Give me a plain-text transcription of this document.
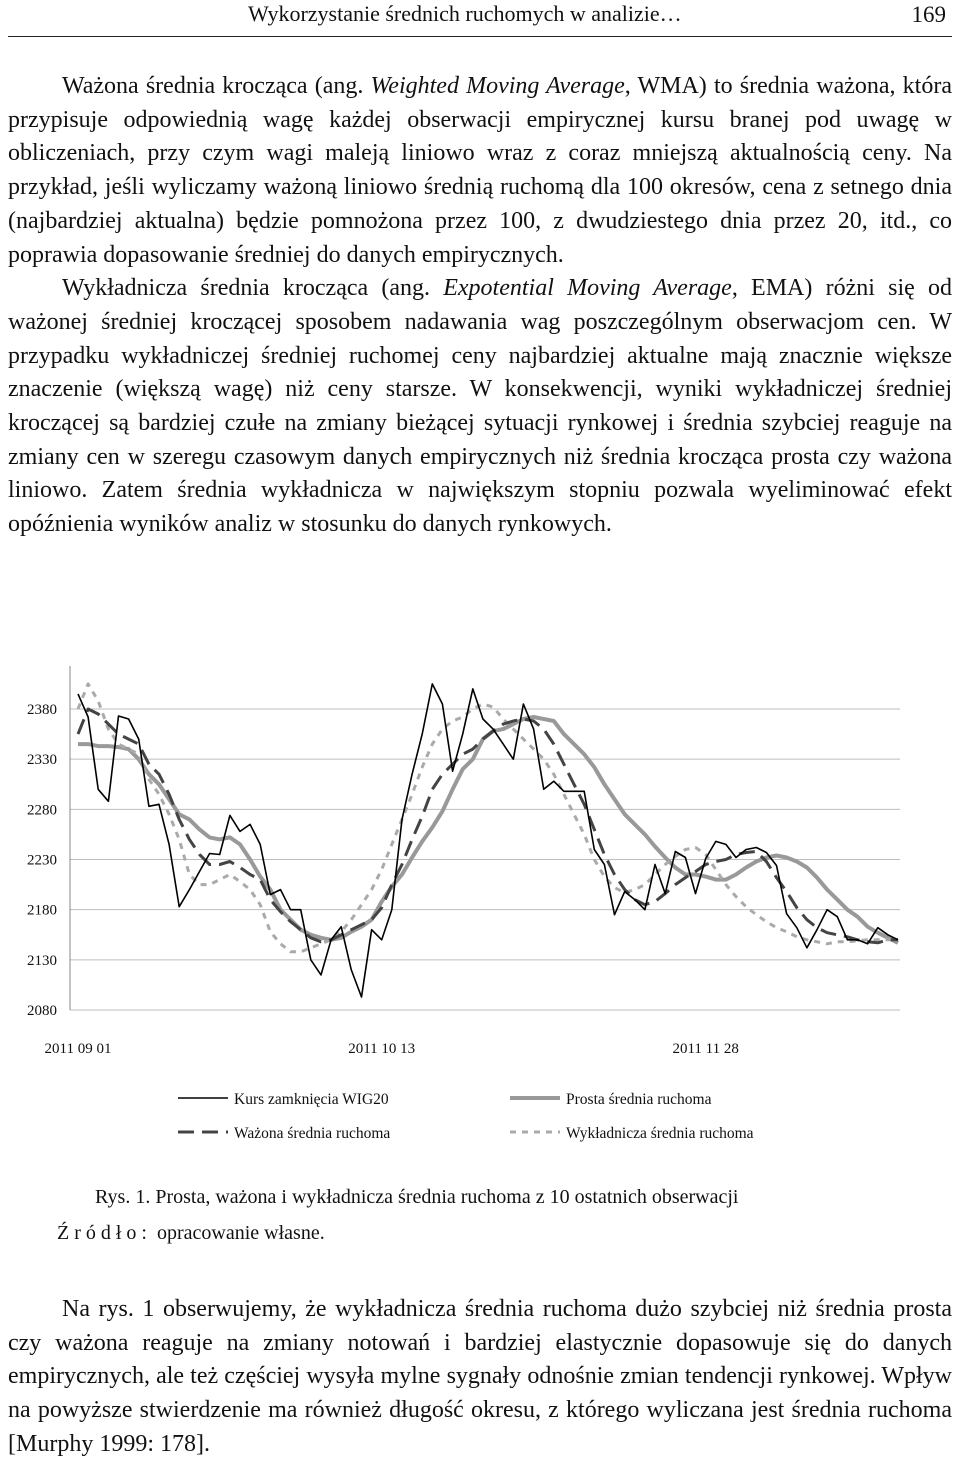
Wykorzystanie średnich ruchomych w analizie…	169

Ważona średnia krocząca (ang. Weighted Moving Average, WMA) to średnia ważona, która przypisuje odpowiednią wagę każdej obserwacji empirycznej kursu branej pod uwagę w obliczeniach, przy czym wagi maleją liniowo wraz z coraz mniejszą aktualnością ceny. Na przykład, jeśli wyliczamy ważoną liniowo średnią ruchomą dla 100 okresów, cena z setnego dnia (najbardziej aktualna) będzie pomnożona przez 100, z dwudziestego dnia przez 20, itd., co poprawia dopasowanie średniej do danych empirycznych.
Wykładnicza średnia krocząca (ang. Expotential Moving Average, EMA) różni się od ważonej średniej kroczącej sposobem nadawania wag poszczególnym obserwacjom cen. W przypadku wykładniczej średniej ruchomej ceny najbardziej aktualne mają znacznie większe znaczenie (większą wagę) niż ceny starsze. W konsekwencji, wyniki wykładniczej średniej kroczącej są bardziej czułe na zmiany bieżącej sytuacji rynkowej i średnia szybciej reaguje na zmiany cen w szeregu czasowym danych empirycznych niż średnia krocząca prosta czy ważona liniowo. Zatem średnia wykładnicza w największym stopniu pozwala wyeliminować efekt opóźnienia wyników analiz w stosunku do danych rynkowych.

2080
2130
2180
2230
2280
2330
2380
2011 09 01	2011 10 13	2011 11 28
Kurs zamknięcia WIG20	Prosta średnia ruchoma
Ważona średnia ruchoma	Wykładnicza średnia ruchoma
Rys. 1. Prosta, ważona i wykładnicza średnia ruchoma z 10 ostatnich obserwacji
Źródło: opracowanie własne.

Na rys. 1 obserwujemy, że wykładnicza średnia ruchoma dużo szybciej niż średnia prosta czy ważona reaguje na zmiany notowań i bardziej elastycznie dopasowuje się do danych empirycznych, ale też częściej wysyła mylne sygnały odnośnie zmian tendencji rynkowej. Wpływ na powyższe stwierdzenie ma również długość okresu, z którego wyliczana jest średnia ruchoma [Murphy 1999: 178].
